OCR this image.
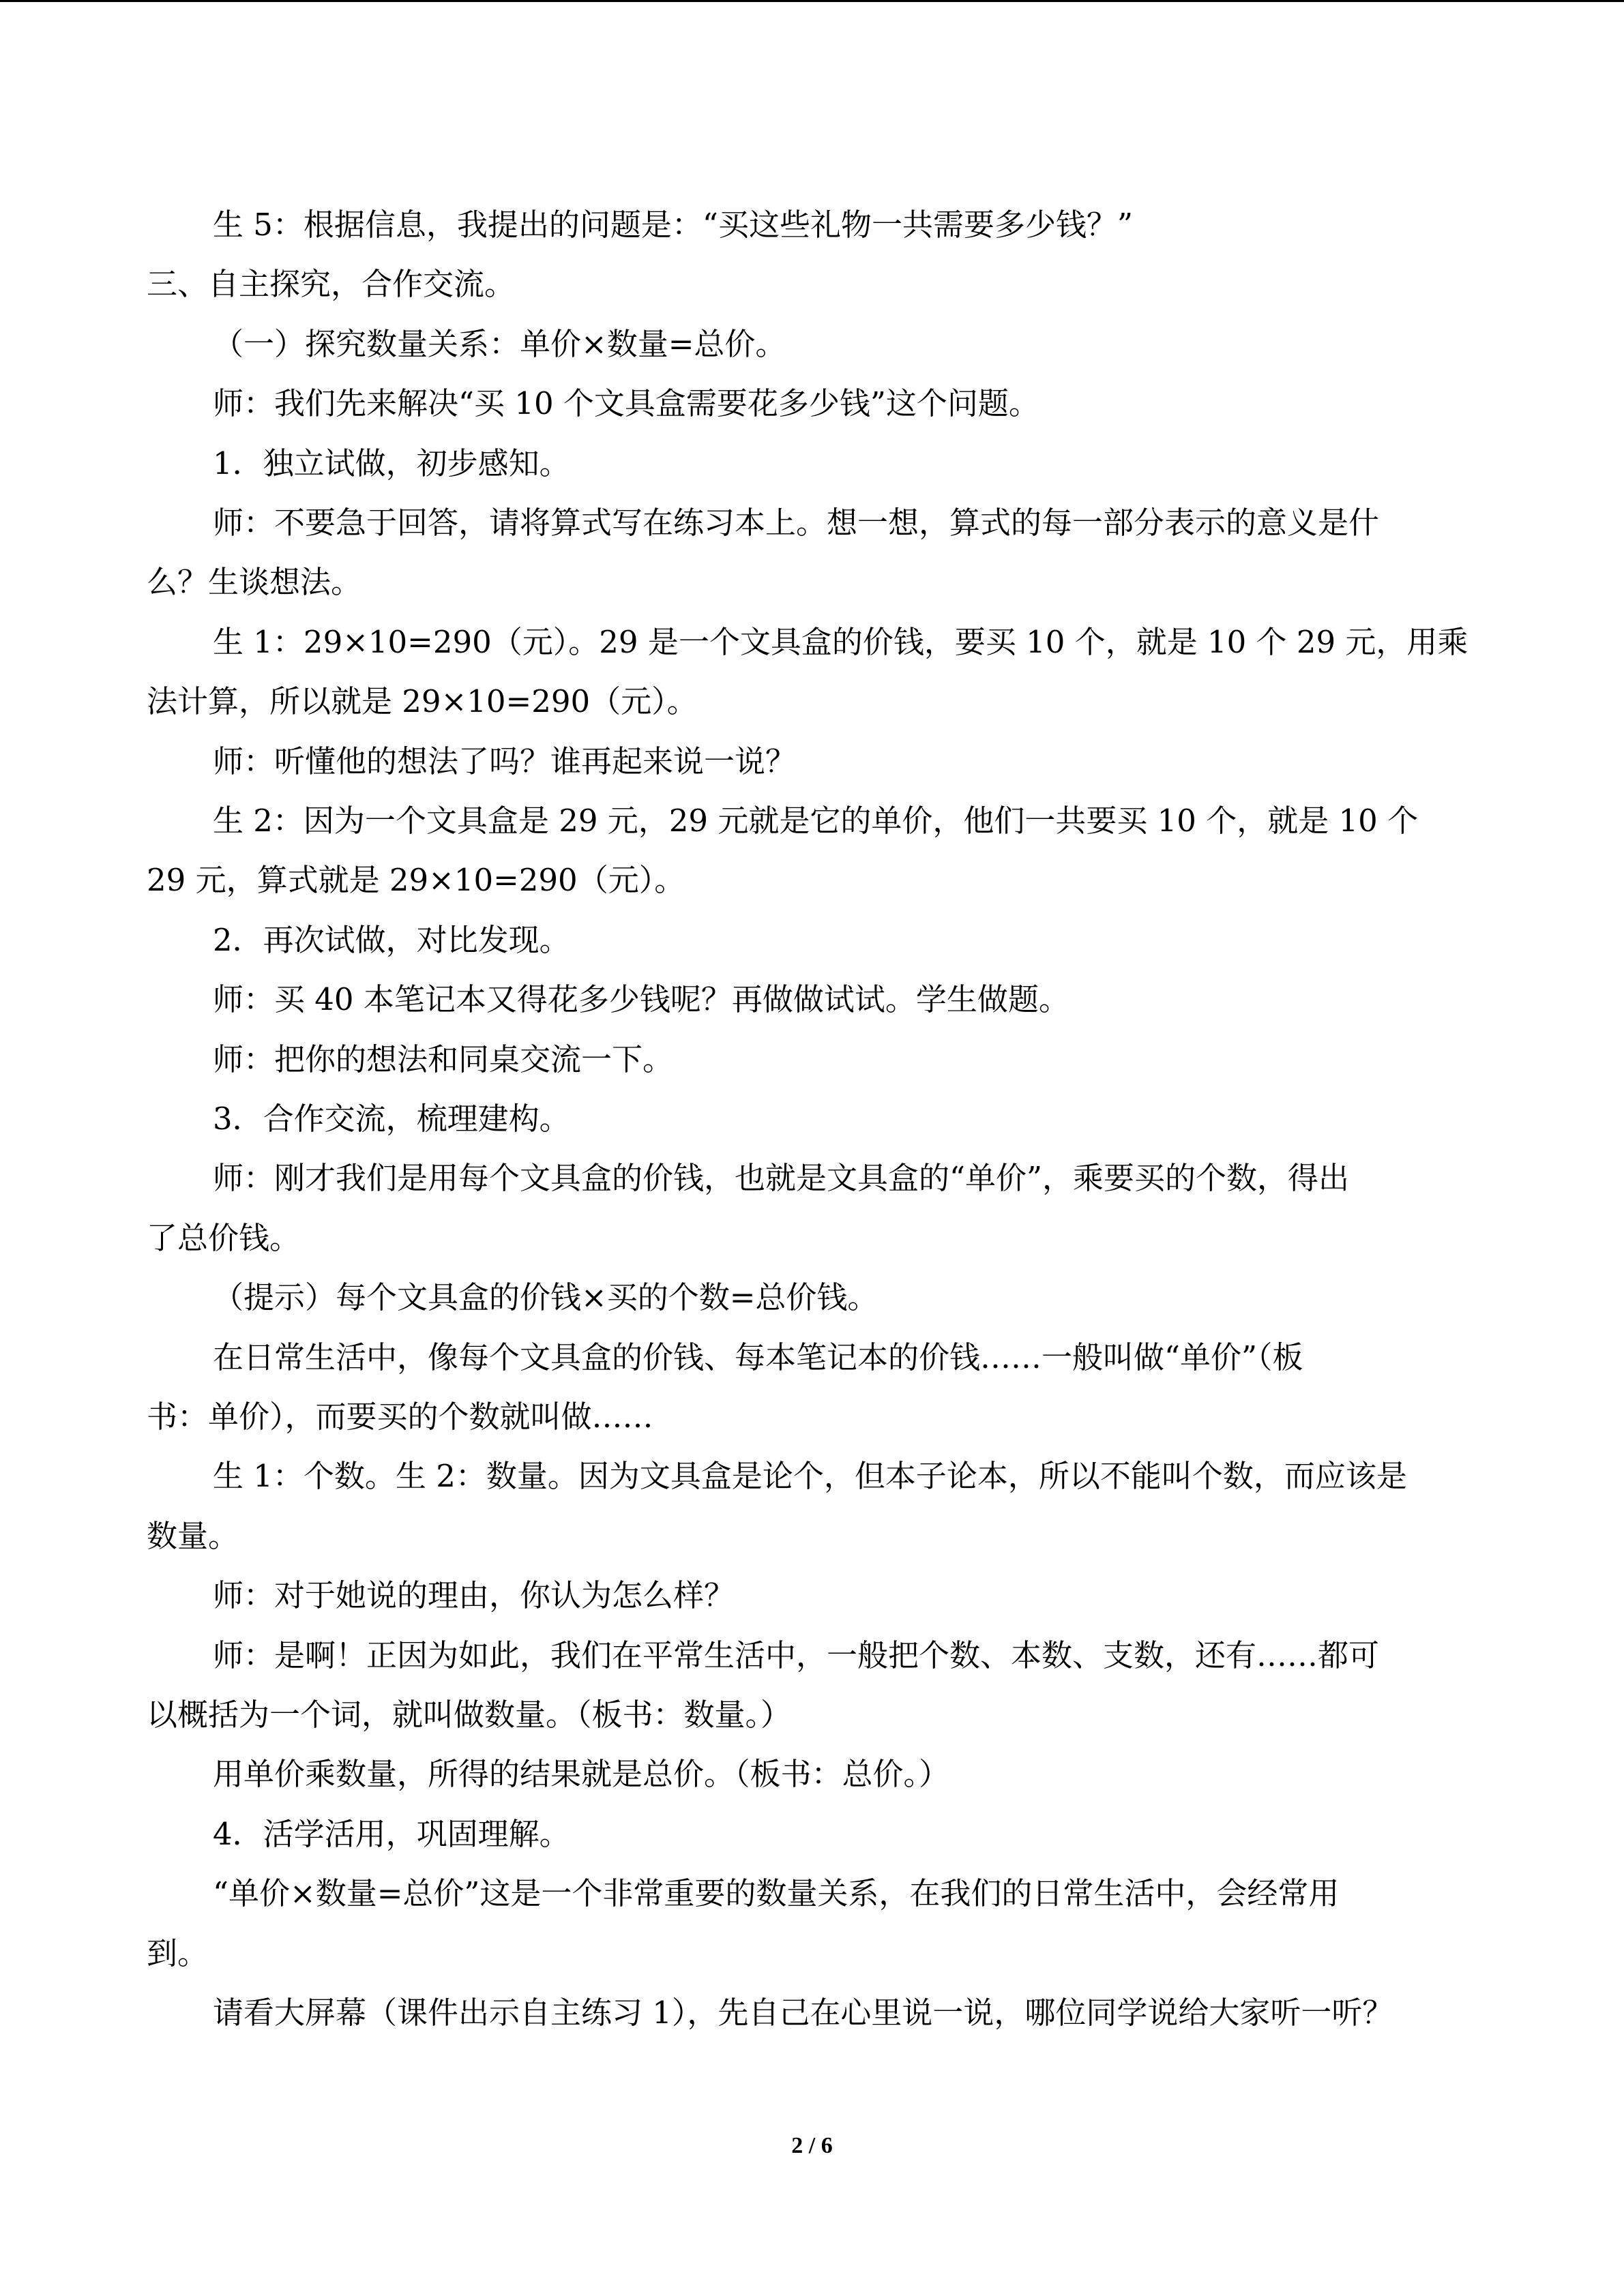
生 5：根据信息，我提出的问题是：“买这些礼物一共需要多少钱？”
三、自主探究，合作交流。
（一）探究数量关系：单价×数量=总价。
师：我们先来解决“买 10 个文具盒需要花多少钱”这个问题。
1．独立试做，初步感知。
师：不要急于回答，请将算式写在练习本上。想一想，算式的每一部分表示的意义是什
么？生谈想法。
生 1：29×10=290（元）。29 是一个文具盒的价钱，要买 10 个，就是 10 个 29 元，用乘
法计算，所以就是 29×10=290（元）。
师：听懂他的想法了吗？谁再起来说一说？
生 2：因为一个文具盒是 29 元，29 元就是它的单价，他们一共要买 10 个，就是 10 个
29 元，算式就是 29×10=290（元）。
2．再次试做，对比发现。
师：买 40 本笔记本又得花多少钱呢？再做做试试。学生做题。
师：把你的想法和同桌交流一下。
3．合作交流，梳理建构。
师：刚才我们是用每个文具盒的价钱，也就是文具盒的“单价”，乘要买的个数，得出
了总价钱。
（提示）每个文具盒的价钱×买的个数=总价钱。
在日常生活中，像每个文具盒的价钱、每本笔记本的价钱……一般叫做“单价”（板
书：单价），而要买的个数就叫做……
生 1：个数。生 2：数量。因为文具盒是论个，但本子论本，所以不能叫个数，而应该是
数量。
师：对于她说的理由，你认为怎么样？
师：是啊！正因为如此，我们在平常生活中，一般把个数、本数、支数，还有……都可
以概括为一个词，就叫做数量。（板书：数量。）
用单价乘数量，所得的结果就是总价。（板书：总价。）
4．活学活用，巩固理解。
“单价×数量=总价”这是一个非常重要的数量关系，在我们的日常生活中，会经常用
到。
请看大屏幕（课件出示自主练习 1），先自己在心里说一说，哪位同学说给大家听一听？
2 / 6
